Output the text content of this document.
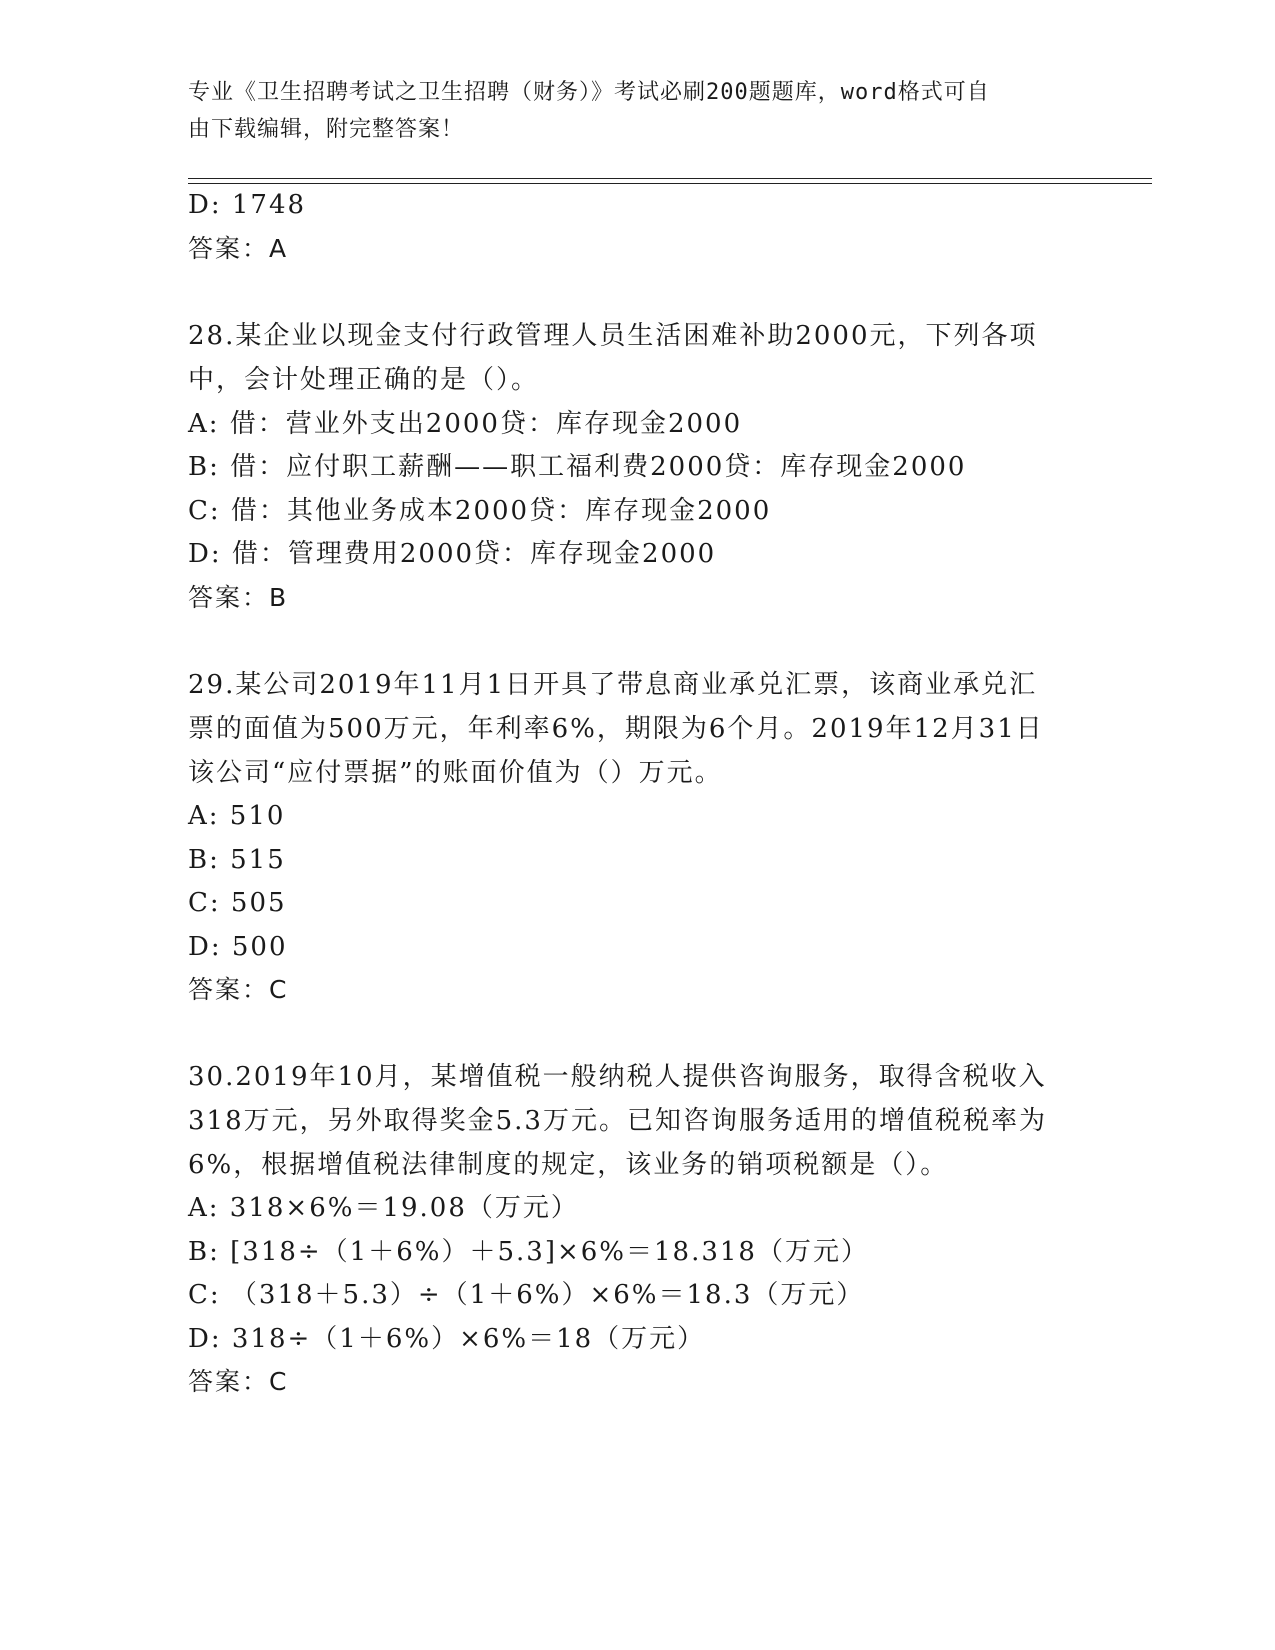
专业《卫生招聘考试之卫生招聘（财务）》考试必刷200题题库，word格式可自
由下载编辑，附完整答案！
D: 1748
答案：A
28.某企业以现金支付行政管理人员生活困难补助2000元，下列各项
中，会计处理正确的是（）。
A: 借：营业外支出2000贷：库存现金2000
B: 借：应付职工薪酬——职工福利费2000贷：库存现金2000
C: 借：其他业务成本2000贷：库存现金2000
D: 借：管理费用2000贷：库存现金2000
答案：B
29.某公司2019年11月1日开具了带息商业承兑汇票，该商业承兑汇
票的面值为500万元，年利率6%，期限为6个月。2019年12月31日
该公司“应付票据”的账面价值为（）万元。
A: 510
B: 515
C: 505
D: 500
答案：C
30.2019年10月，某增值税一般纳税人提供咨询服务，取得含税收入
318万元，另外取得奖金5.3万元。已知咨询服务适用的增值税税率为
6%，根据增值税法律制度的规定，该业务的销项税额是（）。
A: 318×6%＝19.08（万元）
B: [318÷（1＋6%）＋5.3]×6%＝18.318（万元）
C: （318＋5.3）÷（1＋6%）×6%＝18.3（万元）
D: 318÷（1＋6%）×6%＝18（万元）
答案：C
